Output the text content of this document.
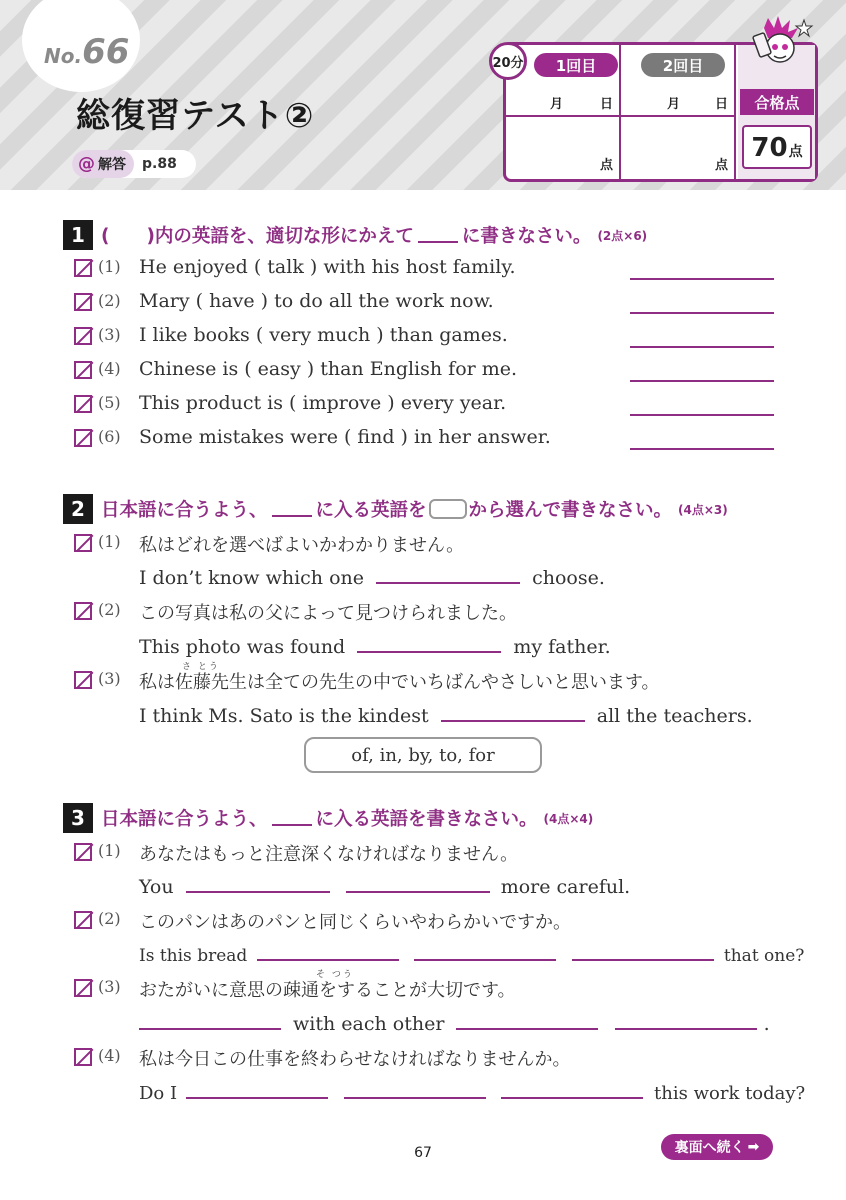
No.66
総復習テスト②
@ 解答	p.88
20分	1回目
月	日
点
2回目
月	日
点
合格点
70 点
1 (　　)内の英語を、適切な形にかえて	に書きなさい。 (2点×6)
(1) He enjoyed ( talk ) with his host family.
(2) Mary ( have ) to do all the work now.
(3) I like books ( very much ) than games.
(4) Chinese is ( easy ) than English for me.
(5) This product is ( improve ) every year.
(6) Some mistakes were ( find ) in her answer.
2 日本語に合うよう、	に入る英語を から選んで書きなさい。 (4点×3)
(1) 私はどれを選べばよいかわかりません。
I don’t know which one	choose.
(2) この写真は私の父によって見つけられました。
This photo was found	my father.
さ とう
(3) 私は佐藤先生は全ての先生の中でいちばんやさしいと思います。
I think Ms. Sato is the kindest	all the teachers.
of, in, by, to, for
3 日本語に合うよう、	に入る英語を書きなさい。 (4点×4)
(1) あなたはもっと注意深くなければなりません。
You	more careful.
(2) このパンはあのパンと同じくらいやわらかいですか。
Is this bread	that one?
そ つう
(3) おたがいに意思の疎通をすることが大切です。
with each other	.
(4) 私は今日この仕事を終わらせなければなりませんか。
Do I	this work today?
67	裏面へ続く ➡
